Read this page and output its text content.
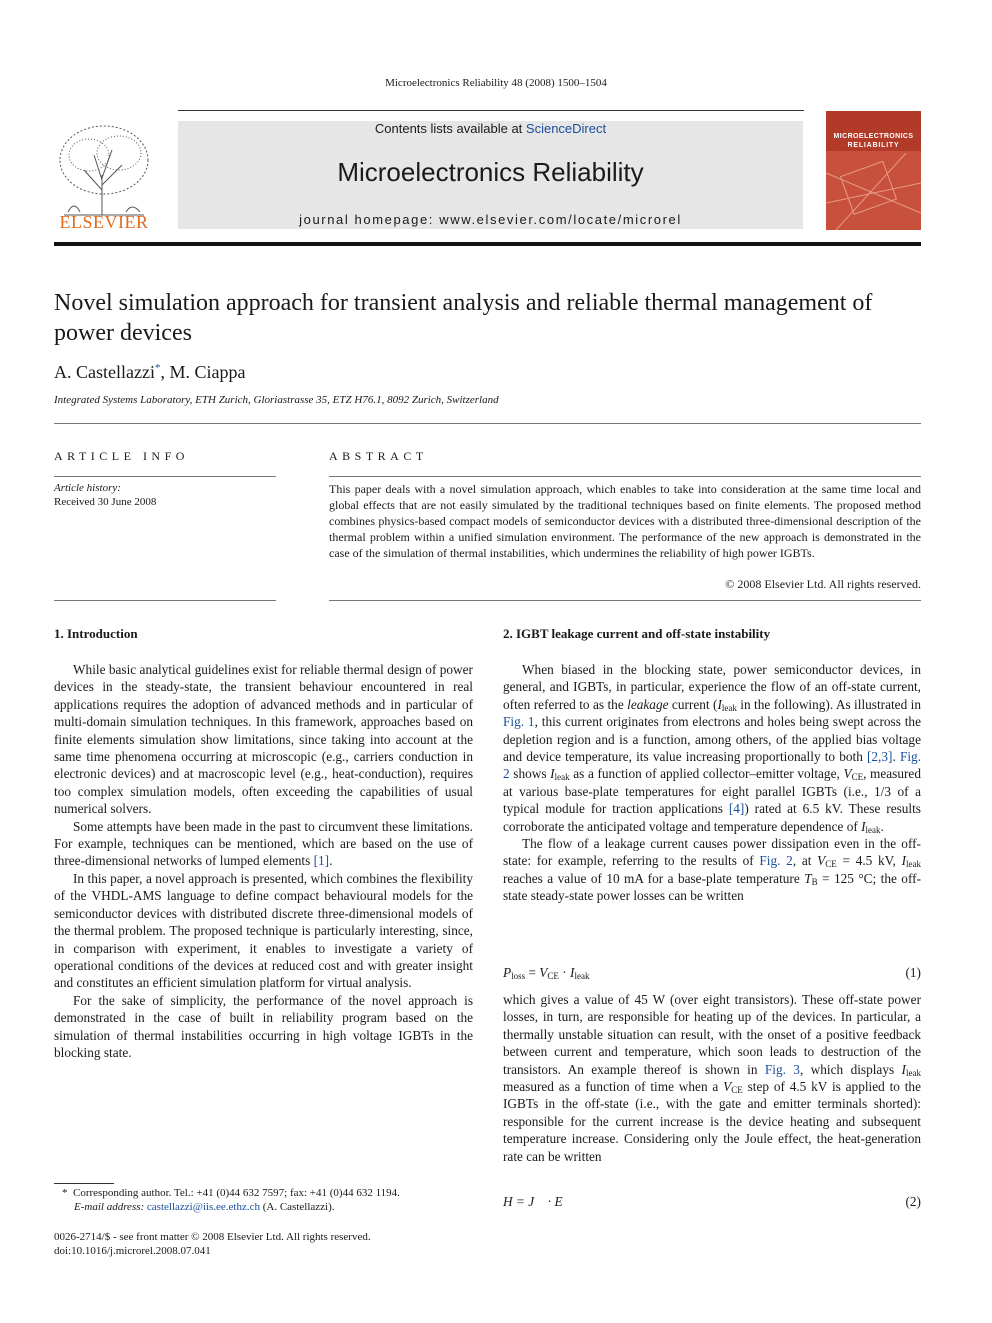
Microelectronics Reliability 48 (2008) 1500–1504
ELSEVIER
Contents lists available at ScienceDirect
Microelectronics Reliability
journal homepage: www.elsevier.com/locate/microrel
MICROELECTRONICS
RELIABILITY
Novel simulation approach for transient analysis and reliable thermal management of power devices
A. Castellazzi*, M. Ciappa
Integrated Systems Laboratory, ETH Zurich, Gloriastrasse 35, ETZ H76.1, 8092 Zurich, Switzerland
ARTICLE INFO
Article history:
Received 30 June 2008
ABSTRACT
This paper deals with a novel simulation approach, which enables to take into consideration at the same time local and global effects that are not easily simulated by the traditional techniques based on finite elements. The proposed method combines physics-based compact models of semiconductor devices with a distributed three-dimensional description of the thermal problem within a unified simulation environment. The performance of the new approach is demonstrated in the case of the simulation of thermal instabilities, which undermines the reliability of high power IGBTs.
© 2008 Elsevier Ltd. All rights reserved.
1. Introduction

While basic analytical guidelines exist for reliable thermal design of power devices in the steady-state, the transient behaviour encountered in real applications requires the adoption of advanced methods and in particular of multi-domain simulation techniques. In this framework, approaches based on finite elements simulation show limitations, since taking into account at the same time phenomena occurring at microscopic (e.g., carriers conduction in electronic devices) and at macroscopic level (e.g., heat-conduction), requires too complex simulation models, often exceeding the capabilities of usual numerical solvers.

Some attempts have been made in the past to circumvent these limitations. For example, techniques can be mentioned, which are based on the use of three-dimensional networks of lumped elements [1].

In this paper, a novel approach is presented, which combines the flexibility of the VHDL-AMS language to define compact behavioural models for the semiconductor devices with distributed discrete three-dimensional models of the thermal problem. The proposed technique is particularly interesting, since, in comparison with experiment, it enables to investigate a variety of operational conditions of the devices at reduced cost and with greater insight and constitutes an efficient simulation platform for virtual analysis.

For the sake of simplicity, the performance of the novel approach is demonstrated in the case of built in reliability program based on the simulation of thermal instabilities occurring in high voltage IGBTs in the blocking state.

2. IGBT leakage current and off-state instability

When biased in the blocking state, power semiconductor devices, in general, and IGBTs, in particular, experience the flow of an off-state current, often referred to as the leakage current ($I_{leak}$ in the following). As illustrated in Fig. 1, this current originates from electrons and holes being swept across the depletion region and is a function, among others, of the applied bias voltage and device temperature, its value increasing proportionally to both [2,3]. Fig. 2 shows $I_{leak}$ as a function of applied collector–emitter voltage, $V_{CE}$, measured at various base-plate temperatures for eight parallel IGBTs (i.e., 1/3 of a typical module for traction applications [4]) rated at 6.5 kV. These results corroborate the anticipated voltage and temperature dependence of $I_{leak}$.

The flow of a leakage current causes power dissipation even in the off-state: for example, referring to the results of Fig. 2, at $V_{CE} = 4.5$ kV, $I_{leak}$ reaches a value of 10 mA for a base-plate temperature $T_B = 125$ °C; the off-state steady-state power losses can be written

$P_{loss} = V_{CE} \cdot I_{leak}$	(1)

which gives a value of 45 W (over eight transistors). These off-state power losses, in turn, are responsible for heating up of the devices. In particular, a thermally unstable situation can result, with the onset of a positive feedback between current and temperature, which soon leads to destruction of the transistors. An example thereof is shown in Fig. 3, which displays $I_{leak}$ measured as a function of time when a $V_{CE}$ step of 4.5 kV is applied to the IGBTs in the off-state (i.e., with the gate and emitter terminals shorted): responsible for the current increase is the device heating and subsequent temperature increase. Considering only the Joule effect, the heat-generation rate can be written

H = J⃗ · E⃗	(2)
* Corresponding author. Tel.: +41 (0)44 632 7597; fax: +41 (0)44 632 1194.
E-mail address: castellazzi@iis.ee.ethz.ch (A. Castellazzi).
0026-2714/$ - see front matter © 2008 Elsevier Ltd. All rights reserved.
doi:10.1016/j.microrel.2008.07.041
